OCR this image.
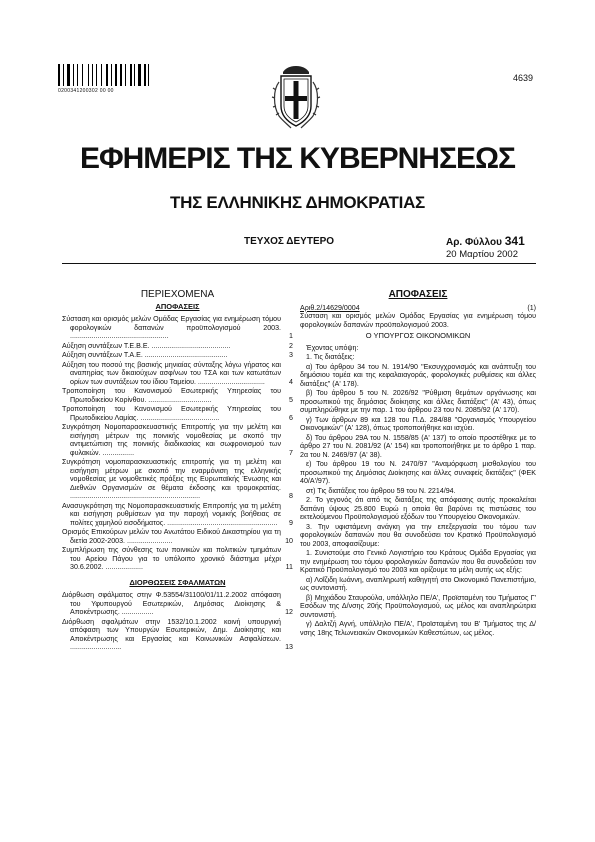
0200341200302 00 00
4639
ΕΦΗΜΕΡΙΣ ΤΗΣ ΚΥΒΕΡΝΗΣΕΩΣ
ΤΗΣ ΕΛΛΗΝΙΚΗΣ ΔΗΜΟΚΡΑΤΙΑΣ
ΤΕΥΧΟΣ ΔΕΥΤΕΡΟ	Αρ. Φύλλου 341
20 Μαρτίου 2002
ΠΕΡΙΕΧΟΜΕΝΑ
ΑΠΟΦΑΣΕΙΣ
Σύσταση και ορισμός μελών Ομάδας Εργασίας για ενημέρωση τόμου φορολογικών δαπανών προϋπολογισμού 2003. ..................................................	1
Αύξηση συντάξεων Τ.Ε.Β.Ε. ........................................	2
Αύξηση συντάξεων Τ.Α.Ε. ..........................................	3
Αύξηση του ποσού της βασικής μηνιαίας σύνταξης λόγω γήρατος και αναπηρίας των δικαιούχων ασφ/νων του ΤΣΑ και των κατωτάτων ορίων των συντάξεων του ίδιου Ταμείου. ..................................	4
Τροποποίηση του Κανονισμού Εσωτερικής Υπηρεσίας του Πρωτοδικείου Κορίνθου. ................................	5
Τροποποίηση του Κανονισμού Εσωτερικής Υπηρεσίας του Πρωτοδικείου Λαμίας. ........................................	6
Συγκρότηση Νομοπαρασκευαστικής Επιτροπής για την μελέτη και εισήγηση μέτρων της ποινικής νομοθεσίας με σκοπό την αντιμετώπιση της ποινικής διαδικασίας και σωφρονισμού των φυλακών. ................	7
Συγκρότηση νομοπαρασκευαστικής επιτροπής για τη μελέτη και εισήγηση μέτρων με σκοπό την εναρμόνιση της ελληνικής νομοθεσίας με νομοθετικές πράξεις της Ευρωπαϊκής Ένωσης και Διεθνών Οργανισμών σε θέματα έκδοσης και τρομοκρατίας. ..................................................................	8
Ανασυγκρότηση της Νομοπαρασκευαστικής Επιτροπής για τη μελέτη και εισήγηση ρυθμίσεων για την παροχή νομικής βοήθειας σε πολίτες χαμηλού εισοδήματος. ........................................................	9
Ορισμός Επικούρων μελών του Ανωτάτου Ειδικού Δικαστηρίου για τη διετία 2002-2003. .......................	10
Συμπλήρωση της σύνθεσης των ποινικών και πολιτικών τμημάτων του Αρείου Πάγου για το υπόλοιπο χρονικό διάστημα μέχρι 30.6.2002. ...................	11
ΔΙΟΡΘΩΣΕΙΣ ΣΦΑΛΜΑΤΩΝ
Διόρθωση σφάλματος στην Φ.53554/31100/01/11.2.2002 απόφαση του Υφυπουργού Εσωτερικών, Δημόσιας Διοίκησης & Αποκέντρωσης. ................	12
Διόρθωση σφαλμάτων στην 1532/10.1.2002 κοινή υπουργική απόφαση των Υπουργών Εσωτερικών, Δημ. Διοίκησης και Αποκέντρωσης και Εργασίας και Κοινωνικών Ασφαλίσεων. ..........................	13
ΑΠΟΦΑΣΕΙΣ
Αριθ.2/14629/0004	(1)

Σύσταση και ορισμός μελών Ομάδας Εργασίας για ενημέρωση τόμου φορολογικών δαπανών προϋπολογισμού 2003.

Ο ΥΠΟΥΡΓΟΣ ΟΙΚΟΝΟΜΙΚΩΝ

Έχοντας υπόψη:

1. Τις διατάξεις:

α) Του άρθρου 34 του Ν. 1914/90 "Εκσυγχρονισμός και ανάπτυξη του δημόσιου τομέα και της κεφαλαιαγοράς, φορολογικές ρυθμίσεις και άλλες διατάξεις" (Α' 178).

β) Του άρθρου 5 του Ν. 2026/92 "Ρύθμιση θεμάτων οργάνωσης και προσωπικού της δημόσιας διοίκησης και άλλες διατάξεις" (Α' 43), όπως συμπληρώθηκε με την παρ. 1 του άρθρου 23 του Ν. 2085/92 (Α' 170).

γ) Των άρθρων 89 και 128 του Π.Δ. 284/88 "Οργανισμός Υπουργείου Οικονομικών" (Α' 128), όπως τροποποιήθηκε και ισχύει.

δ) Του άρθρου 29Α του Ν. 1558/85 (Α' 137) το οποίο προστέθηκε με το άρθρο 27 του Ν. 2081/92 (Α' 154) και τροποποιήθηκε με το άρθρο 1 παρ. 2α του Ν. 2469/97 (Α' 38).

ε) Του άρθρου 19 του Ν. 2470/97 "Αναμόρφωση μισθολογίου του προσωπικού της Δημόσιας Διοίκησης και άλλες συναφείς διατάξεις" (ΦΕΚ 40/Α'/97).

στ) Τις διατάξεις του άρθρου 59 του Ν. 2214/94.

2. Το γεγονός ότι από τις διατάξεις της απόφασης αυτής προκαλείται δαπάνη ύψους 25.800 Ευρώ η οποία θα βαρύνει τις πιστώσεις του εκτελούμενου Προϋπολογισμού εξόδων του Υπουργείου Οικονομικών.

3. Την υφιστάμενη ανάγκη για την επεξεργασία του τόμου των φορολογικών δαπανών που θα συνοδεύσει τον Κρατικό Προϋπολογισμό του 2003, αποφασίζουμε:

1. Συνιστούμε στο Γενικό Λογιστήριο του Κράτους Ομάδα Εργασίας για την ενημέρωση του τόμου φορολογικών δαπανών που θα συνοδεύσει τον Κρατικό Προϋπολογισμό του 2003 και ορίζουμε τα μέλη αυτής ως εξής:

α) Λοΐζιδη Ιωάννη, αναπληρωτή καθηγητή στο Οικονομικό Πανεπιστήμιο, ως συντονιστή.

β) Μηχιάδου Σταυρούλα, υπάλληλο ΠΕ/Α', Προϊσταμένη του Τμήματος Γ' Εσόδων της Δ/νσης 20ής Προϋπολογισμού, ως μέλος και αναπληρώτρια συντονιστή.

γ) Δαλτζή Αγνή, υπάλληλο ΠΕ/Α', Προϊσταμένη του Β' Τμήματος της Δ/νσης 18ης Τελωνειακών Οικονομικών Καθεστώτων, ως μέλος.
